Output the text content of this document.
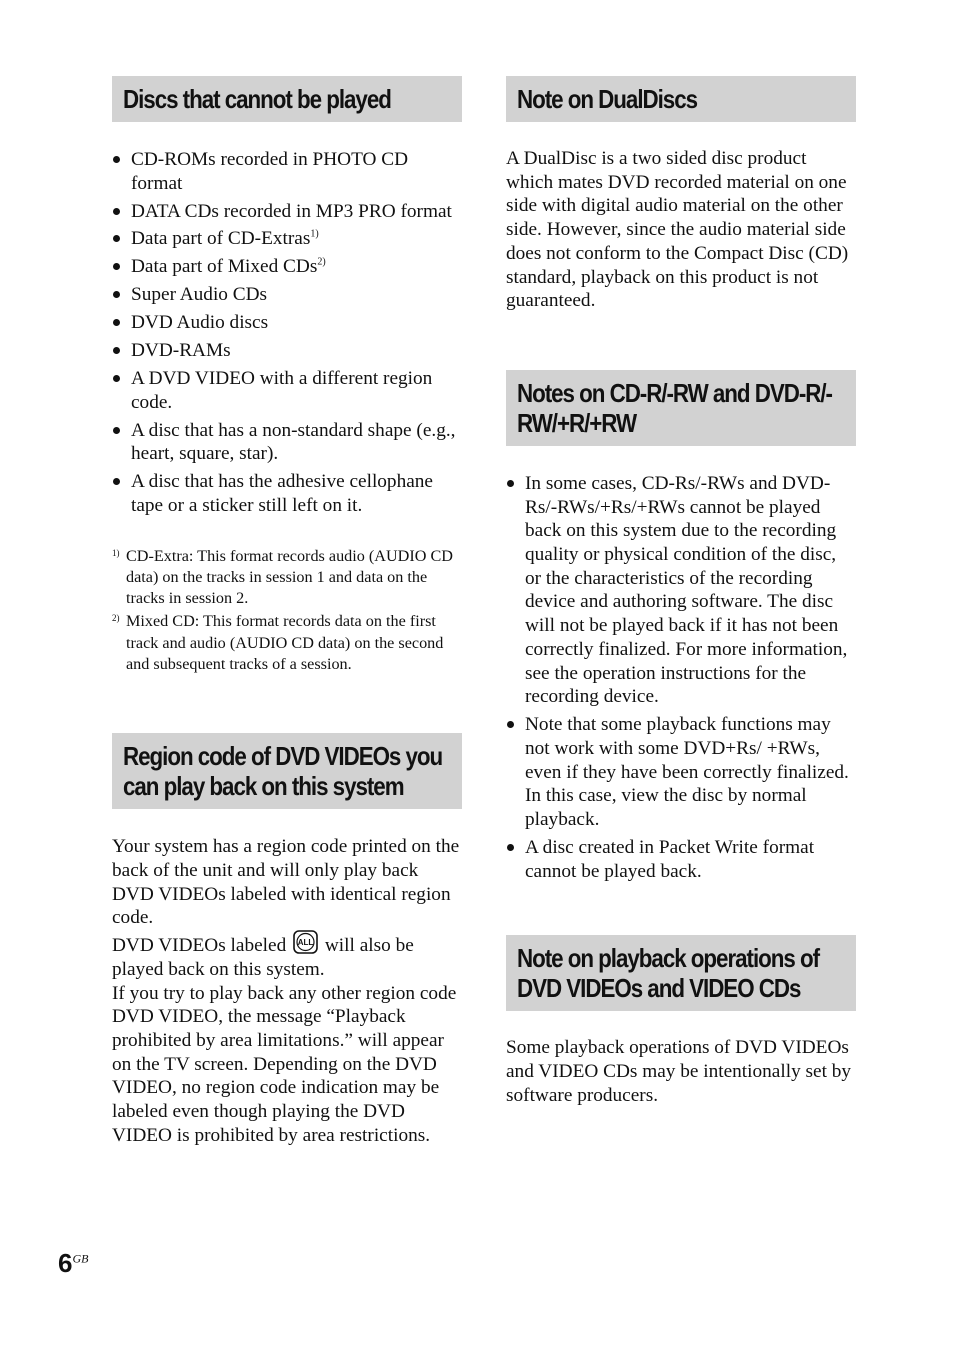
Discs that cannot be played
CD-ROMs recorded in PHOTO CD format
DATA CDs recorded in MP3 PRO format
Data part of CD-Extras$^{1)}$
Data part of Mixed CDs$^{2)}$
Super Audio CDs
DVD Audio discs
DVD-RAMs
A DVD VIDEO with a different region code.
A disc that has a non-standard shape (e.g., heart, square, star).
A disc that has the adhesive cellophane tape or a sticker still left on it.
1) CD-Extra: This format records audio (AUDIO CD data) on the tracks in session 1 and data on the tracks in session 2.
2) Mixed CD: This format records data on the first track and audio (AUDIO CD data) on the second and subsequent tracks of a session.
Region code of DVD VIDEOs you can play back on this system

Your system has a region code printed on the back of the unit and will only play back DVD VIDEOs labeled with identical region code.

DVD VIDEOs labeled ALL will also be played back on this system.

If you try to play back any other region code DVD VIDEO, the message “Playback prohibited by area limitations.” will appear on the TV screen. Depending on the DVD VIDEO, no region code indication may be labeled even though playing the DVD VIDEO is prohibited by area restrictions.

Note on DualDiscs

A DualDisc is a two sided disc product which mates DVD recorded material on one side with digital audio material on the other side. However, since the audio material side does not conform to the Compact Disc (CD) standard, playback on this product is not guaranteed.

Notes on CD-R/-RW and DVD-R/-RW/+R/+RW
In some cases, CD-Rs/-RWs and DVD-Rs/-RWs/+Rs/+RWs cannot be played back on this system due to the recording quality or physical condition of the disc, or the characteristics of the recording device and authoring software. The disc will not be played back if it has not been correctly finalized. For more information, see the operation instructions for the recording device.
Note that some playback functions may not work with some DVD+Rs/ +RWs, even if they have been correctly finalized. In this case, view the disc by normal playback.
A disc created in Packet Write format cannot be played back.
Note on playback operations of DVD VIDEOs and VIDEO CDs

Some playback operations of DVD VIDEOs and VIDEO CDs may be intentionally set by software producers.

$6^{GB}$
